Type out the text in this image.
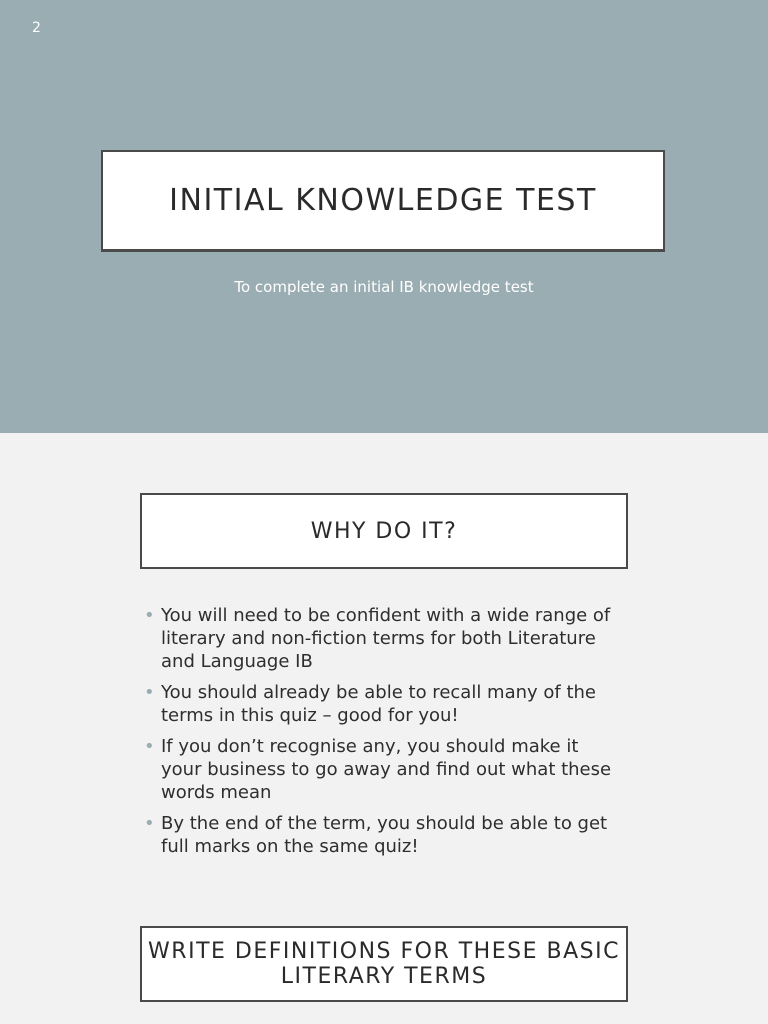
2
INITIAL KNOWLEDGE TEST
To complete an initial IB knowledge test
WHY DO IT?
• You will need to be confident with a wide range of literary and non-fiction terms for both Literature and Language IB
• You should already be able to recall many of the terms in this quiz – good for you!
• If you don’t recognise any, you should make it your business to go away and find out what these words mean
• By the end of the term, you should be able to get full marks on the same quiz!
WRITE DEFINITIONS FOR THESE BASIC LITERARY TERMS
